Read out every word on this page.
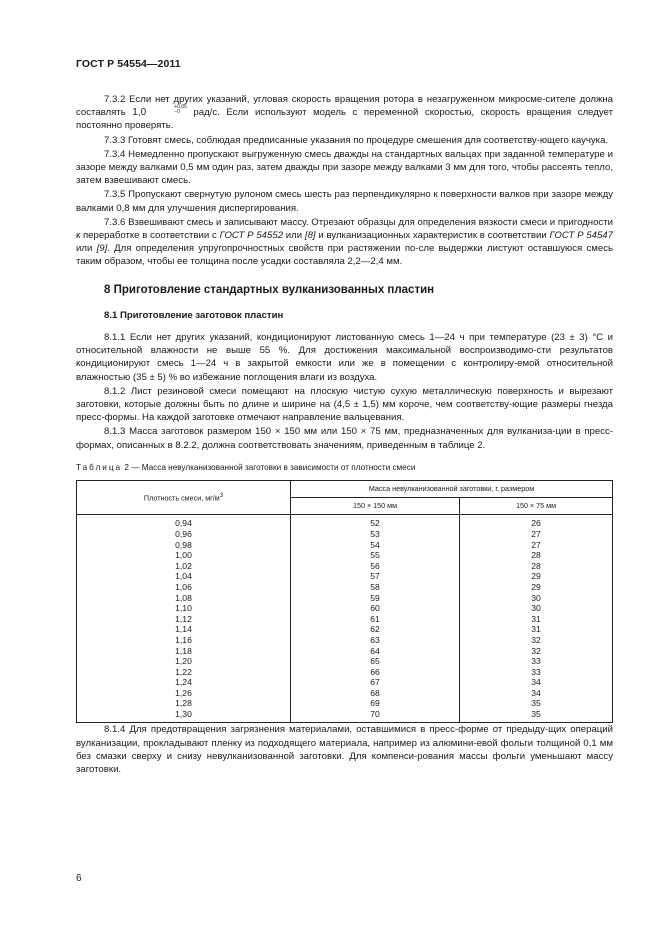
ГОСТ Р 54554—2011

7.3.2 Если нет других указаний, угловая скорость вращения ротора в незагруженном микросме-сителе должна составлять 1,0
+0,05
−0 рад/с. Если используют модель с переменной скоростью, скорость вращения следует постоянно проверять.

7.3.3 Готовят смесь, соблюдая предписанные указания по процедуре смешения для соответству-ющего каучука.

7.3.4 Немедленно пропускают выгруженную смесь дважды на стандартных вальцах при заданной температуре и зазоре между валками 0,5 мм один раз, затем дважды при зазоре между валками 3 мм для того, чтобы рассеять тепло, затем взвешивают смесь.

7.3.5 Пропускают свернутую рулоном смесь шесть раз перпендикулярно к поверхности валков при зазоре между валками 0,8 мм для улучшения диспергирования.

7.3.6 Взвешивают смесь и записывают массу. Отрезают образцы для определения вязкости смеси и пригодности к переработке в соответствии с ГОСТ Р 54552 или [8] и вулканизационных характеристик в соответствии ГОСТ Р 54547 или [9]. Для определения упругопрочностных свойств при растяжении по-сле выдержки листуют оставшуюся смесь таким образом, чтобы ее толщина после усадки составляла 2,2—2,4 мм.

8 Приготовление стандартных вулканизованных пластин
8.1 Приготовление заготовок пластин

8.1.1 Если нет других указаний, кондиционируют листованную смесь 1—24 ч при температуре (23 ± 3) °С и относительной влажности не выше 55 %. Для достижения максимальной воспроизводимо-сти результатов кондиционируют смесь 1—24 ч в закрытой емкости или же в помещении с контролиру-емой относительной влажностью (35 ± 5) % во избежание поглощения влаги из воздуха.

8.1.2 Лист резиновой смеси помещают на плоскую чистую сухую металлическую поверхность и вырезают заготовки, которые должны быть по длине и ширине на (4,5 ± 1,5) мм короче, чем соответству-ющие размеры гнезда пресс-формы. На каждой заготовке отмечают направление вальцевания.

8.1.3 Масса заготовок размером 150 × 150 мм или 150 × 75 мм, предназначенных для вулканиза-ции в пресс-формах, описанных в 8.2.2, должна соответствовать значениям, приведенным в таблице 2.

Таблица 2 — Масса невулканизованной заготовки в зависимости от плотности смеси
Плотность смеси, $мг/м^3$	Масса невулканизованной заготовки, г, размером	
	150 × 150 мм	150 × 75 мм
0,94	52	26
0,96	53	27
0,98	54	27
1,00	55	28
1,02	56	28
1,04	57	29
1,06	58	29
1,08	59	30
1,10	60	30
1,12	61	31
1,14	62	31
1,16	63	32
1,18	64	32
1,20	65	33
1,22	66	33
1,24	67	34
1,26	68	34
1,28	69	35
1,30	70	35

8.1.4 Для предотвращения загрязнения материалами, оставшимися в пресс-форме от предыду-щих операций вулканизации, прокладывают пленку из подходящего материала, например из алюмини-евой фольги толщиной 0,1 мм без смазки сверху и снизу невулканизованной заготовки. Для компенси-рования массы фольги уменьшают массу заготовки.

6
